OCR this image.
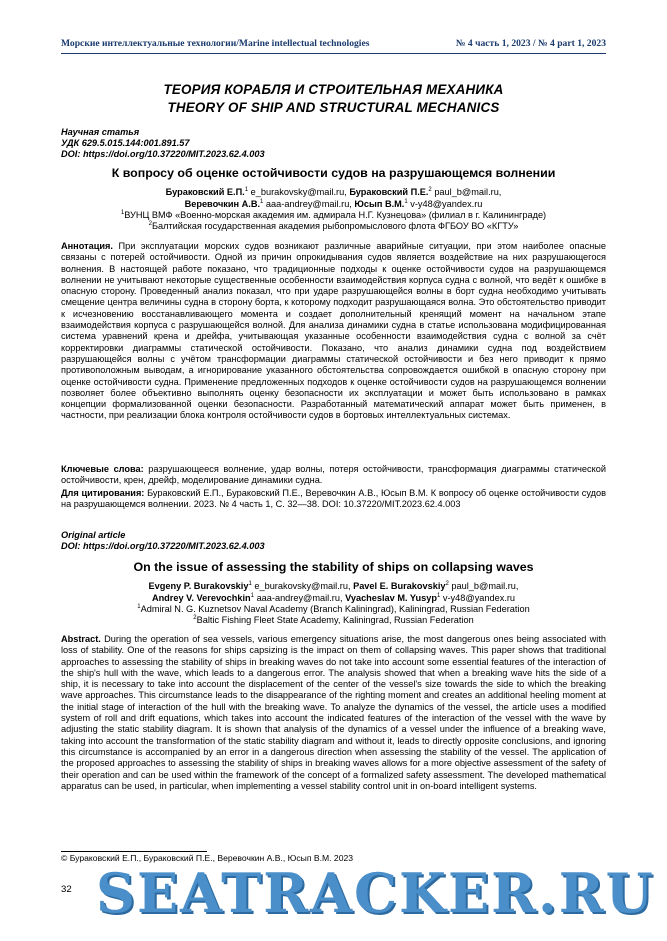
Морские интеллектуальные технологии/Marine intellectual technologies	№ 4 часть 1, 2023 / № 4 part 1, 2023
ТЕОРИЯ КОРАБЛЯ И СТРОИТЕЛЬНАЯ МЕХАНИКА
THEORY OF SHIP AND STRUCTURAL MECHANICS
Научная статья
УДК 629.5.015.144:001.891.57
DOI: https://doi.org/10.37220/MIT.2023.62.4.003
К вопросу об оценке остойчивости судов на разрушающемся волнении
Бураковский Е.П.$^1$ e_burakovsky@mail.ru, Бураковский П.Е.$^2$ paul_b@mail.ru,
Веревочкин А.В.$^1$ aaa-andrey@mail.ru, Юсып В.М.$^1$ v-y48@yandex.ru
$^1$ВУНЦ ВМФ «Военно-морская академия им. адмирала Н.Г. Кузнецова» (филиал в г. Калининграде)
$^2$Балтийская государственная академия рыбопромыслового флота ФГБОУ ВО «КГТУ»
Аннотация. При эксплуатации морских судов возникают различные аварийные ситуации, при этом наиболее опасные связаны с потерей остойчивости. Одной из причин опрокидывания судов является воздействие на них разрушающегося волнения. В настоящей работе показано, что традиционные подходы к оценке остойчивости судов на разрушающемся волнении не учитывают некоторые существенные особенности взаимодействия корпуса судна с волной, что ведёт к ошибке в опасную сторону. Проведенный анализ показал, что при ударе разрушающейся волны в борт судна необходимо учитывать смещение центра величины судна в сторону борта, к которому подходит разрушающаяся волна. Это обстоятельство приводит к исчезновению восстанавливающего момента и создает дополнительный кренящий момент на начальном этапе взаимодействия корпуса с разрушающейся волной. Для анализа динамики судна в статье использована модифицированная система уравнений крена и дрейфа, учитывающая указанные особенности взаимодействия судна с волной за счёт корректировки диаграммы статической остойчивости. Показано, что анализ динамики судна под воздействием разрушающейся волны с учётом трансформации диаграммы статической остойчивости и без него приводит к прямо противоположным выводам, а игнорирование указанного обстоятельства сопровождается ошибкой в опасную сторону при оценке остойчивости судна. Применение предложенных подходов к оценке остойчивости судов на разрушающемся волнении позволяет более объективно выполнять оценку безопасности их эксплуатации и может быть использовано в рамках концепции формализованной оценки безопасности. Разработанный математический аппарат может быть применен, в частности, при реализации блока контроля остойчивости судов в бортовых интеллектуальных системах.
Ключевые слова: разрушающееся волнение, удар волны, потеря остойчивости, трансформация диаграммы статической остойчивости, крен, дрейф, моделирование динамики судна.
Для цитирования: Бураковский Е.П., Бураковский П.Е., Веревочкин А.В., Юсып В.М. К вопросу об оценке остойчивости судов на разрушающемся волнении. 2023. № 4 часть 1, С. 32—38. DOI: 10.37220/MIT.2023.62.4.003
Original article
DOI: https://doi.org/10.37220/MIT.2023.62.4.003
On the issue of assessing the stability of ships on collapsing waves
Evgeny P. Burakovskiy$^1$ e_burakovsky@mail.ru, Pavel E. Burakovskiy$^2$ paul_b@mail.ru,
Andrey V. Verevochkin$^1$ aaa-andrey@mail.ru, Vyacheslav M. Yusyp$^1$ v-y48@yandex.ru
$^1$Admiral N. G. Kuznetsov Naval Academy (Branch Kaliningrad), Kaliningrad, Russian Federation
$^2$Baltic Fishing Fleet State Academy, Kaliningrad, Russian Federation
Abstract. During the operation of sea vessels, various emergency situations arise, the most dangerous ones being associated with loss of stability. One of the reasons for ships capsizing is the impact on them of collapsing waves. This paper shows that traditional approaches to assessing the stability of ships in breaking waves do not take into account some essential features of the interaction of the ship's hull with the wave, which leads to a dangerous error. The analysis showed that when a breaking wave hits the side of a ship, it is necessary to take into account the displacement of the center of the vessel's size towards the side to which the breaking wave approaches. This circumstance leads to the disappearance of the righting moment and creates an additional heeling moment at the initial stage of interaction of the hull with the breaking wave. To analyze the dynamics of the vessel, the article uses a modified system of roll and drift equations, which takes into account the indicated features of the interaction of the vessel with the wave by adjusting the static stability diagram. It is shown that analysis of the dynamics of a vessel under the influence of a breaking wave, taking into account the transformation of the static stability diagram and without it, leads to directly opposite conclusions, and ignoring this circumstance is accompanied by an error in a dangerous direction when assessing the stability of the vessel. The application of the proposed approaches to assessing the stability of ships in breaking waves allows for a more objective assessment of the safety of their operation and can be used within the framework of the concept of a formalized safety assessment. The developed mathematical apparatus can be used, in particular, when implementing a vessel stability control unit in on-board intelligent systems.
© Бураковский Е.П., Бураковский П.Е., Веревочкин А.В., Юсып В.М. 2023
SEATRACKER.RU
32
